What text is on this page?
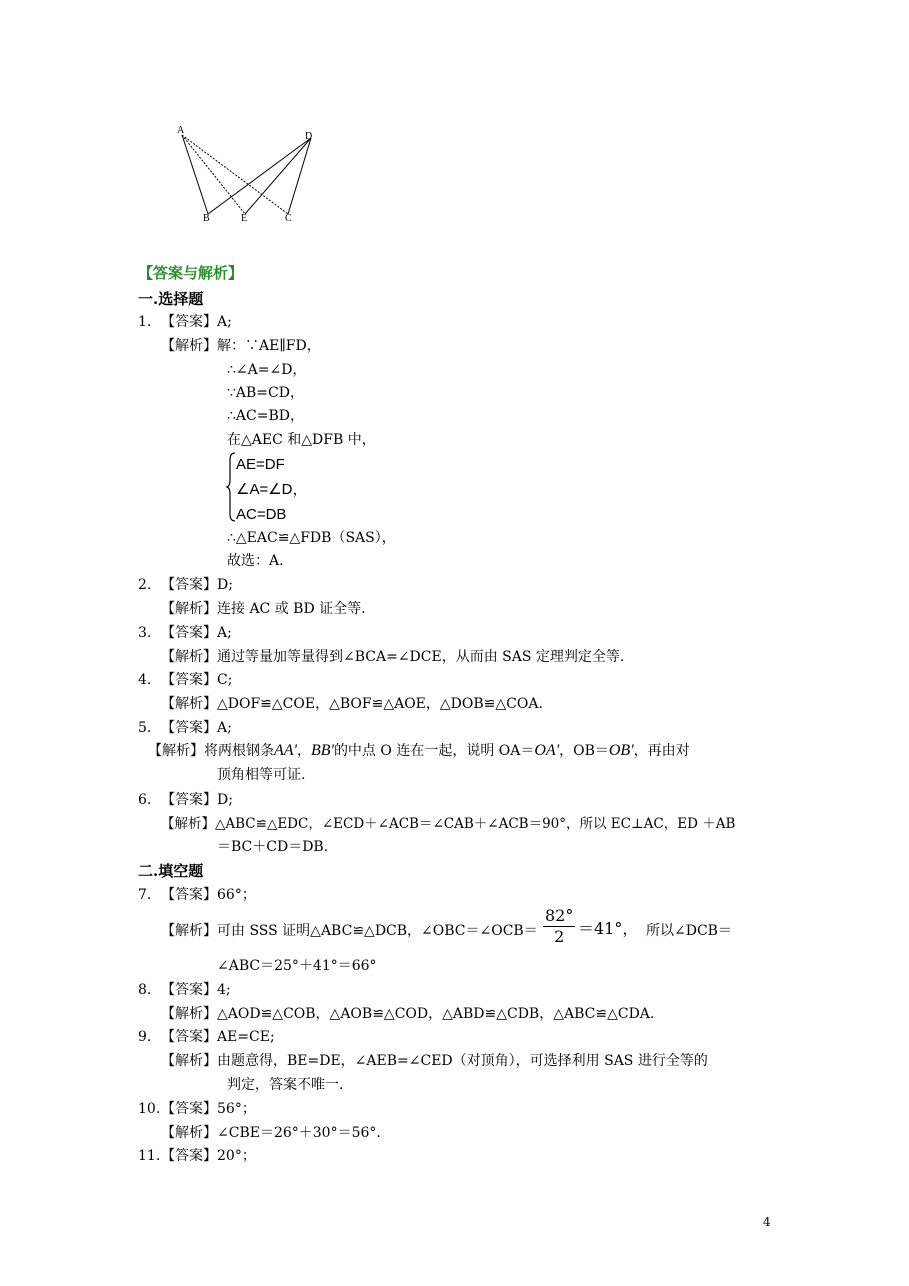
A
D
B	E	C
【答案与解析】
一.选择题
1. 【答案】A;
【解析】 解：∵AE∥FD，
∴∠A=∠D，
∵AB=CD，
∴AC=BD，
在△AEC 和△DFB 中，
AE=DF
∠A=∠D，
AC=DB
∴△EAC≌△FDB（SAS），
故选：A.
2. 【答案】D;
【解析】连接 AC 或 BD 证全等.
3. 【答案】A;
【解析】通过等量加等量得到∠BCA=∠DCE，从而由 SAS 定理判定全等.
4. 【答案】C;
【解析】△DOF≌△COE，△BOF≌△AOE，△DOB≌△COA.
5. 【答案】A;
【解析】将两根钢条AA'，BB'的中点 O 连在一起，说明 OA＝OA'，OB＝OB'，再由对
顶角相等可证.
6. 【答案】D;
【解析】△ABC≌△EDC，∠ECD＋∠ACB＝∠CAB＋∠ACB＝90°，所以 EC⊥AC，ED ＋AB
＝BC＋CD＝DB.
二.填空题
7. 【答案】66°；
【解析】可由 SSS 证明△ABC≌△DCB，∠OBC＝∠OCB＝ $\frac{82^\circ}{2} =41^\circ$， 所以∠DCB＝
∠ABC＝25°＋41°＝66°
8. 【答案】4;
【解析】△AOD≌△COB，△AOB≌△COD，△ABD≌△CDB，△ABC≌△CDA.
9. 【答案】AE=CE;
【解析】由题意得，BE=DE，∠AEB=∠CED（对顶角），可选择利用 SAS 进行全等的
判定，答案不唯一.
10. 【答案】56°；
【解析】∠CBE＝26°＋30°＝56°.
11. 【答案】20°；
4
